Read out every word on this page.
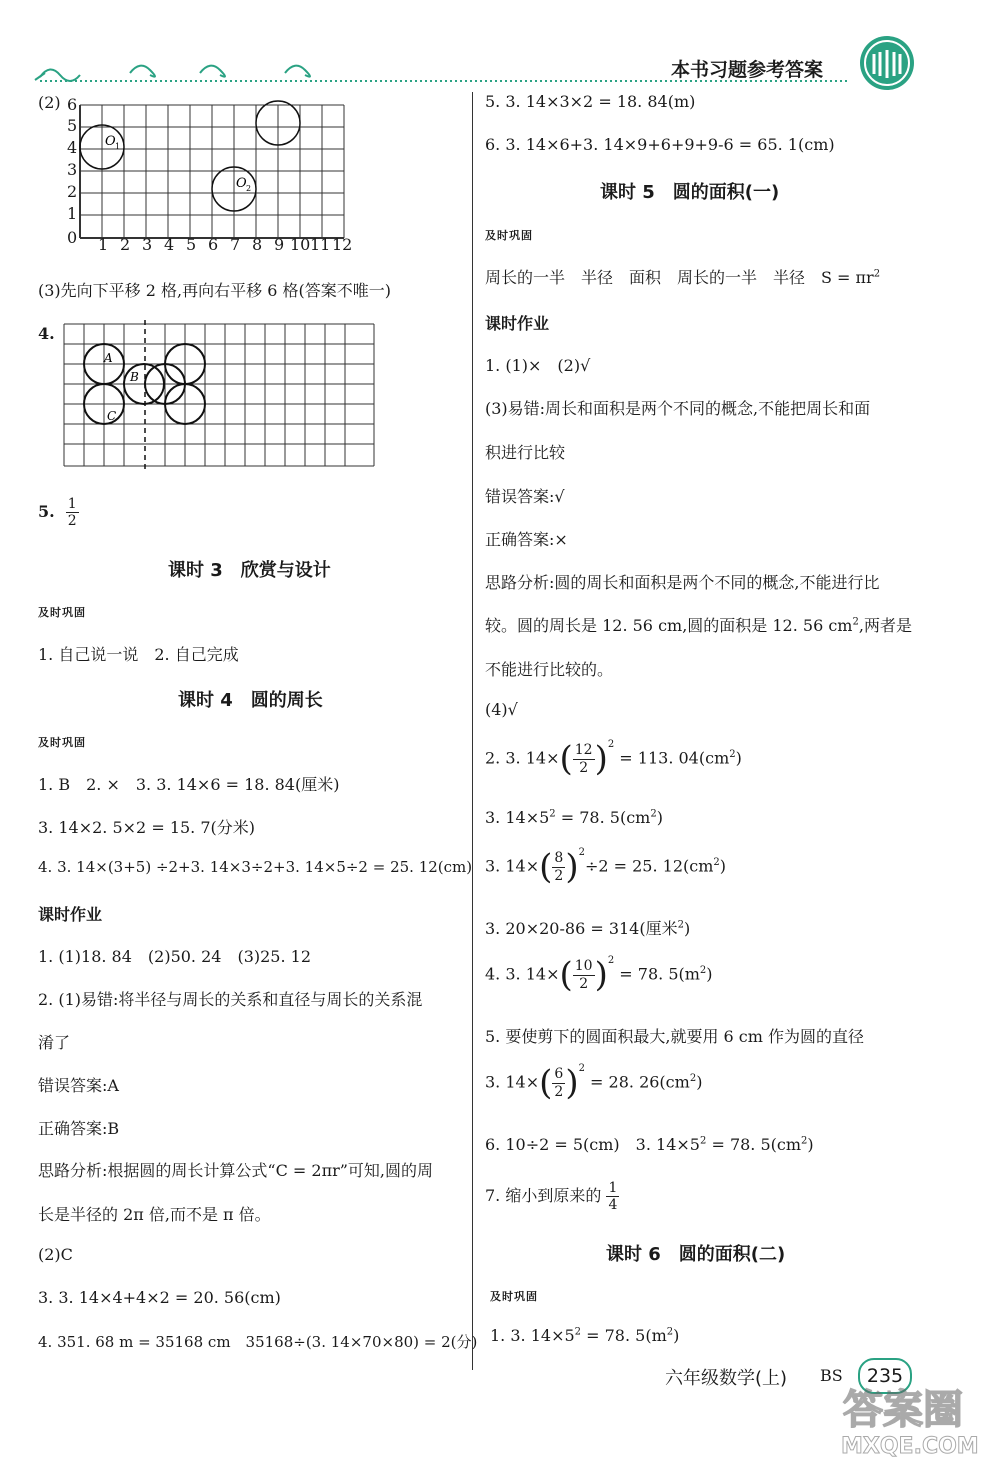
本书习题参考答案
(2)
O 1
O 2
6
5
4
3
2
1
0 1 2 3 4 5 6 7 8 9 10 11 12
(3)先向下平移 2 格,再向右平移 6 格(答案不唯一)
4.
A
B
C
5. $\frac{1}{2}$
课时 3　欣赏与设计
及时巩固
1. 自己说一说　2. 自己完成
课时 4　圆的周长
及时巩固
1. B　2. ×　3. 3. 14×6 = 18. 84(厘米)
3. 14×2. 5×2 = 15. 7(分米)
4. 3. 14×(3+5) ÷2+3. 14×3÷2+3. 14×5÷2 = 25. 12(cm)
课时作业
1. (1)18. 84　(2)50. 24　(3)25. 12
2. (1)易错:将半径与周长的关系和直径与周长的关系混
淆了
错误答案:A
正确答案:B
思路分析:根据圆的周长计算公式“C = 2πr”可知,圆的周
长是半径的 2π 倍,而不是 π 倍。
(2)C
3. 3. 14×4+4×2 = 20. 56(cm)
4. 351. 68 m = 35168 cm　35168÷(3. 14×70×80) = 2(分)
5. 3. 14×3×2 = 18. 84(m)
6. 3. 14×6+3. 14×9+6+9+9-6 = 65. 1(cm)
课时 5　圆的面积(一)
及时巩固
周长的一半　半径　面积　周长的一半　半径　$S = \pi r^2$
课时作业
1. (1)×　(2)√
(3)易错:周长和面积是两个不同的概念,不能把周长和面
积进行比较
错误答案:√
正确答案:×
思路分析:圆的周长和面积是两个不同的概念,不能进行比
较。圆的周长是 12. 56 cm,圆的面积是 12. 56 $cm^2$,两者是
不能进行比较的。
(4)√
2. 3. $14\times( \frac{12}{2} )^2 = 113$. $04(cm^2)$
3. $14\times 5^2 = 78$. $5(cm^2)$
3. $14\times( \frac{8}{2} )^2\div 2 = 25$. $12(cm^2)$
3. 20×20-86 = 314(厘米$^2$)
4. 3. $14\times( \frac{10}{2} )^2 = 78$. $5(m^2)$
5. 要使剪下的圆面积最大,就要用 6 cm 作为圆的直径
3. $14\times( \frac{6}{2} )^2 = 28$. $26(cm^2)$
6. 10÷2 = 5(cm)　3. $14\times 5^2 = 78$. $5(cm^2)$
7. 缩小到原来的 $\frac{1}{4}$
课时 6　圆的面积(二)
及时巩固
1. 3. $14\times 5^2 = 78$. $5(m^2)$
六年级数学(上) BS	235
答案圈
MXQE.COM
